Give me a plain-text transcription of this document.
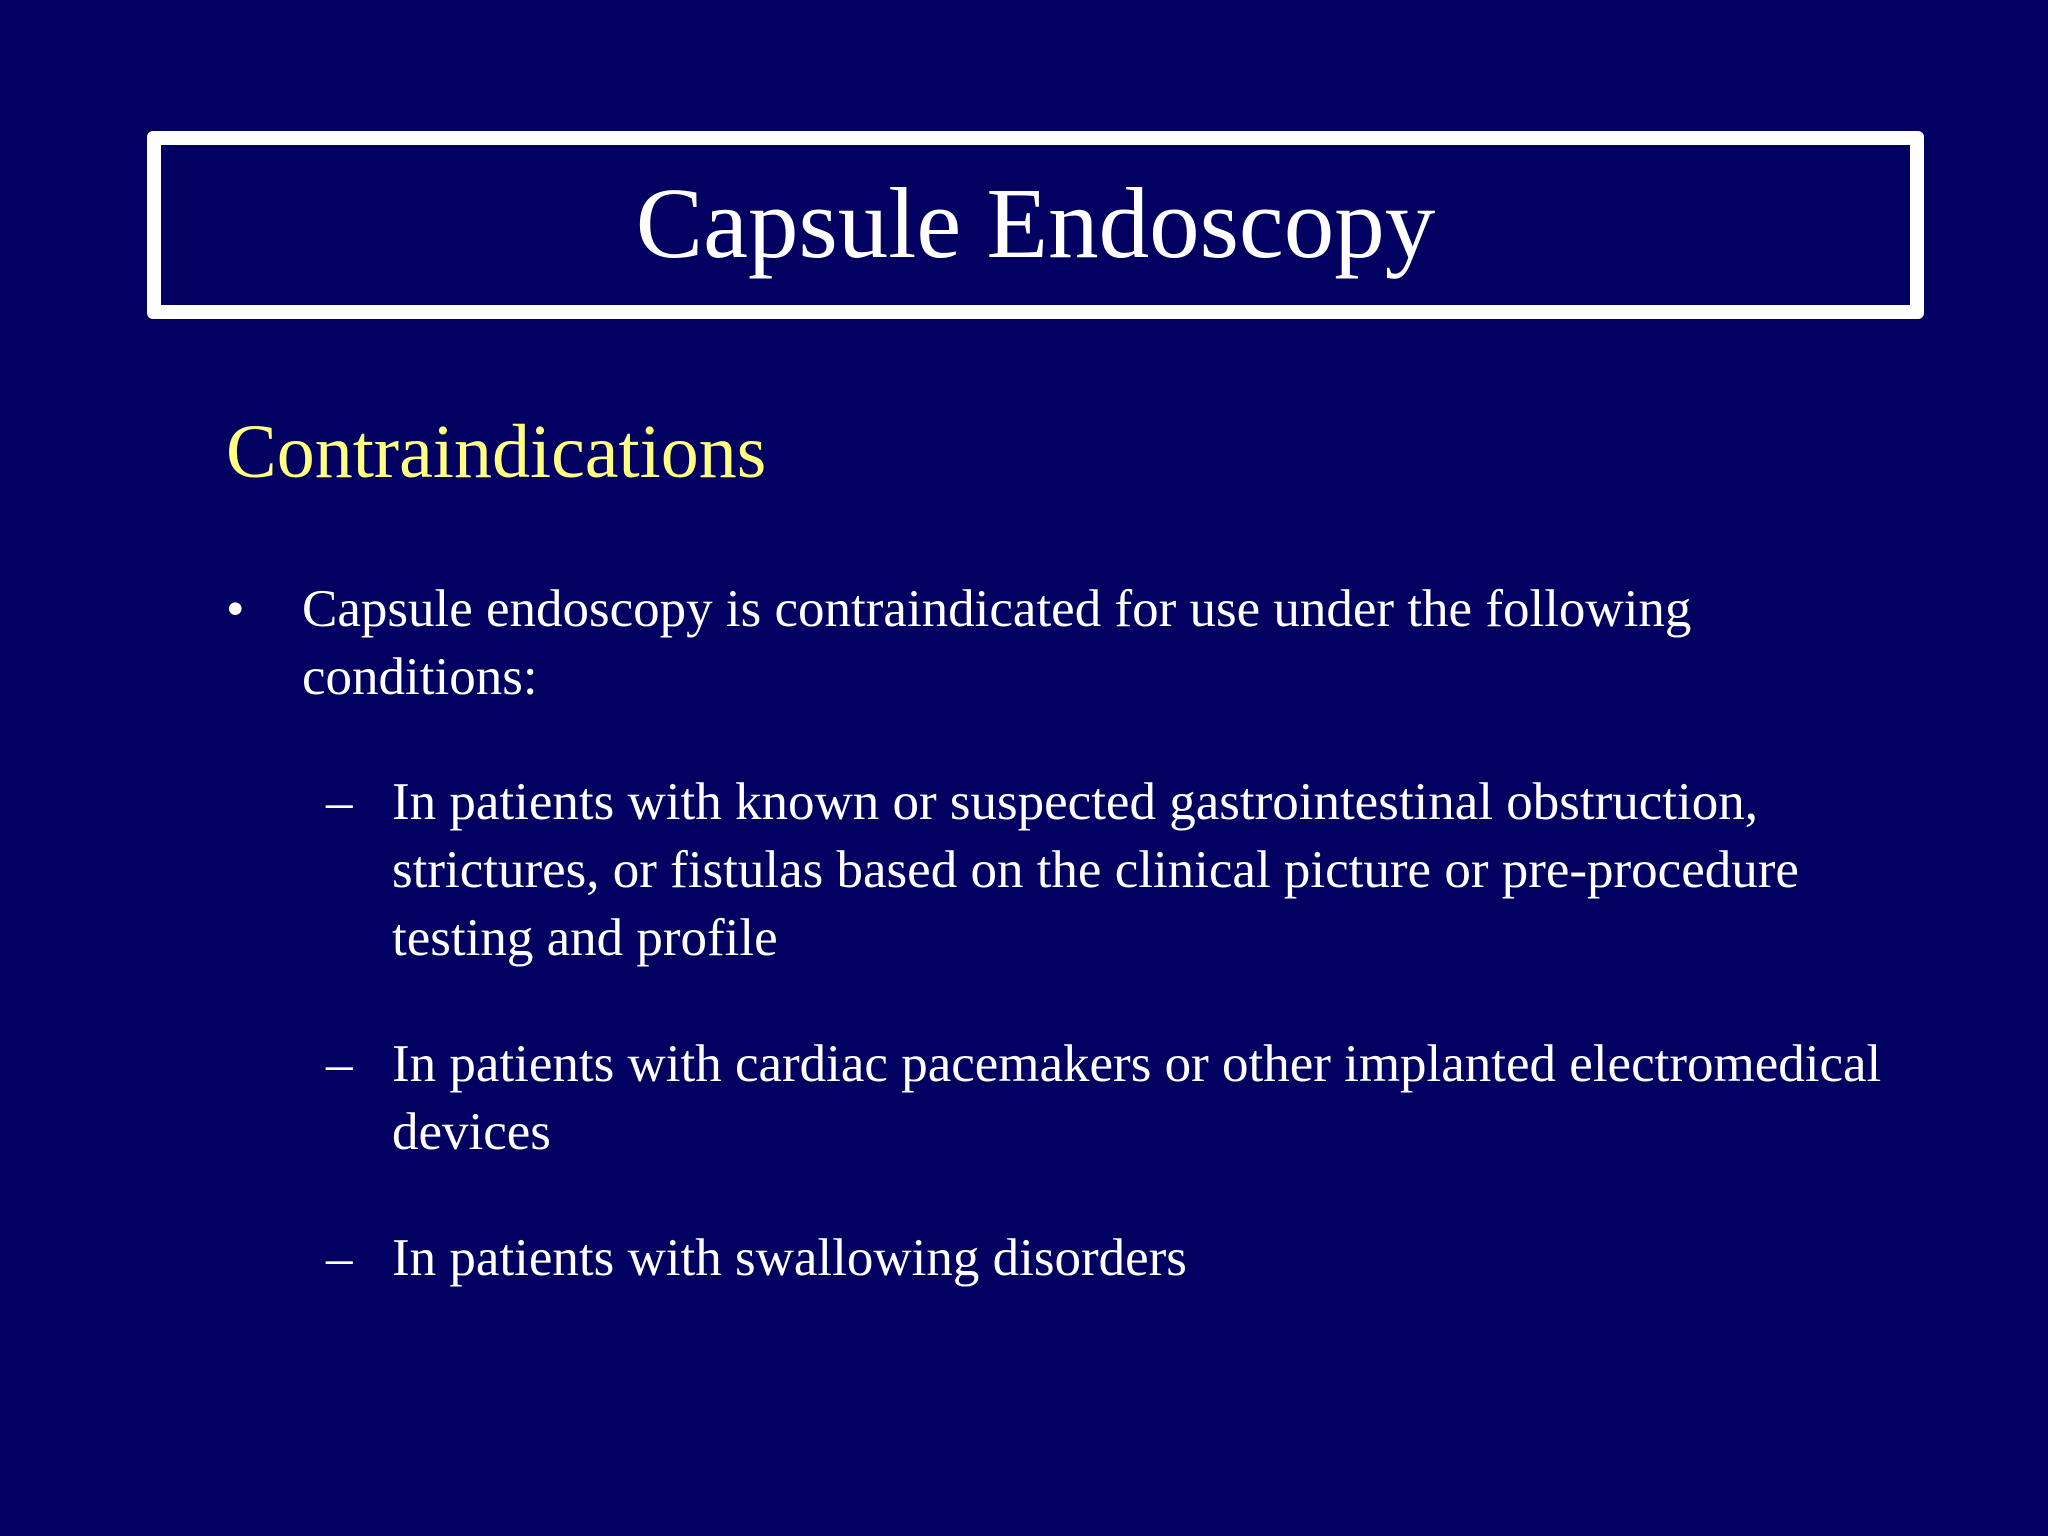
Capsule Endoscopy
Contraindications
•	Capsule endoscopy is contraindicated for use under the following conditions:
– In patients with known or suspected gastrointestinal obstruction, strictures, or fistulas based on the clinical picture or pre-procedure testing and profile
– In patients with cardiac pacemakers or other implanted electromedical devices
– In patients with swallowing disorders
